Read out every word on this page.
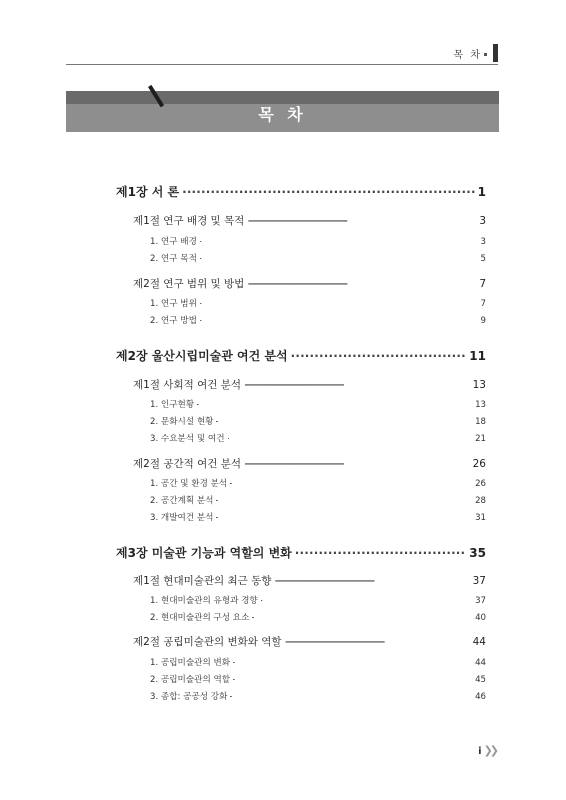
목 차
목 차
제1장 서 론 · · ·	1
제1절 연구 배경 및 목적 · · ·	3
1. 연구 배경 · · ·	3
2. 연구 목적 · · ·	5
제2절 연구 범위 및 방법 · · ·	7
1. 연구 범위 · · ·	7
2. 연구 방법 · · ·	9
제2장 울산시립미술관 여건 분석 · · ·	11
제1절 사회적 여건 분석 · · ·	13
1. 인구현황 · · ·	13
2. 문화시설 현황 · · ·	18
3. 수요분석 및 여건 · · ·	21
제2절 공간적 여건 분석 · · ·	26
1. 공간 및 환경 분석 · · ·	26
2. 공간계획 분석 · · ·	28
3. 개발여건 분석 · · ·	31
제3장 미술관 기능과 역할의 변화 · · ·	35
제1절 현대미술관의 최근 동향 · · ·	37
1. 현대미술관의 유형과 경향 · · ·	37
2. 현대미술관의 구성 요소 · · ·	40
제2절 공립미술관의 변화와 역할 · · ·	44
1. 공립미술관의 변화 · · ·	44
2. 공립미술관의 역할 · · ·	45
3. 종합: 공공성 강화 · · ·	46
i ❯❯
